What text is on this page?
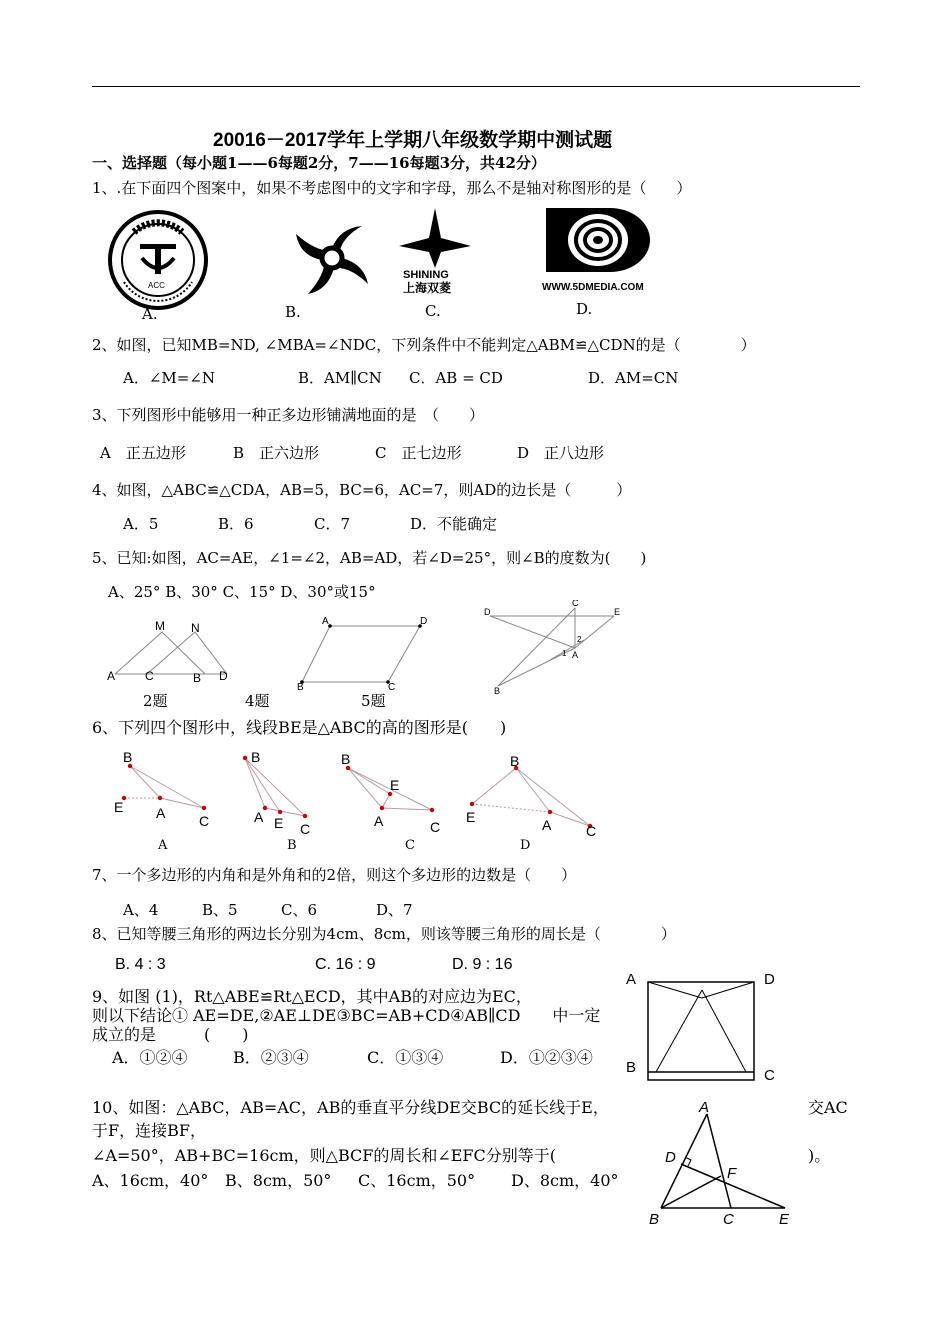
20016－2017学年上学期八年级数学期中测试题
一、选择题（每小题1——6每题2分，7——16每题3分，共42分）
1、.在下面四个图案中，如果不考虑图中的文字和字母，那么不是轴对称图形的是（　　）
ACC
SHINING
上海双菱	WWW.5DMEDIA.COM
A.	B.	C.	D.
2、如图，已知MB=ND, ∠MBA=∠NDC，下列条件中不能判定△ABM≌△CDN的是（　　　　）
A．∠M=∠N	B．AM∥CN C．AB = CD	D．AM=CN
3、下列图形中能够用一种正多边形铺满地面的是　（　　）
A　正五边形	B　正六边形	C　正七边形	D　正八边形
4、如图，△ABC≌△CDA，AB=5，BC=6，AC=7，则AD的边长是（　　　）
A．5	B．6	C．7	D．不能确定
5、已知:如图，AC=AE，∠1=∠2，AB=AD，若∠D=25°，则∠B的度数为(　　)
A、25° B、30° C、15° D、30°或15°
M N
A C	B D
A	D
B	C
D
C
E
2
1 A
B
2题	4题	5题
6、下列四个图形中，线段BE是△ABC的高的图形是(　　)
B
E A C
B
A E C
B
E
A	C
B
E	A C
A	B	C	D
7、一个多边形的内角和是外角和的2倍，则这个多边形的边数是（　　）
A、4	B、5	C、6	D、7
8、已知等腰三角形的两边长分别为4cm、8cm，则该等腰三角形的周长是（　　　　）
B. 4 : 3	C. 16 : 9	D. 9 : 16
9、如图 (1)，Rt△ABE≌Rt△ECD，其中AB的对应边为EC，
则以下结论① AE=DE,②AE⊥DE③BC=AB+CD④AB∥CD　　中一定
成立的是　　　(　　)
A．①②④	B．②③④	C．①③④	D．①②③④
A	D
B	C
10、如图：△ABC，AB=AC，AB的垂直平分线DE交BC的延长线于E，	交AC
于F，连接BF，
∠A=50°，AB+BC=16cm，则△BCF的周长和∠EFC分别等于(	)。
A、16cm，40° B、8cm，50° C、16cm，50° D、8cm，40°
A
D
F
B	C	E
